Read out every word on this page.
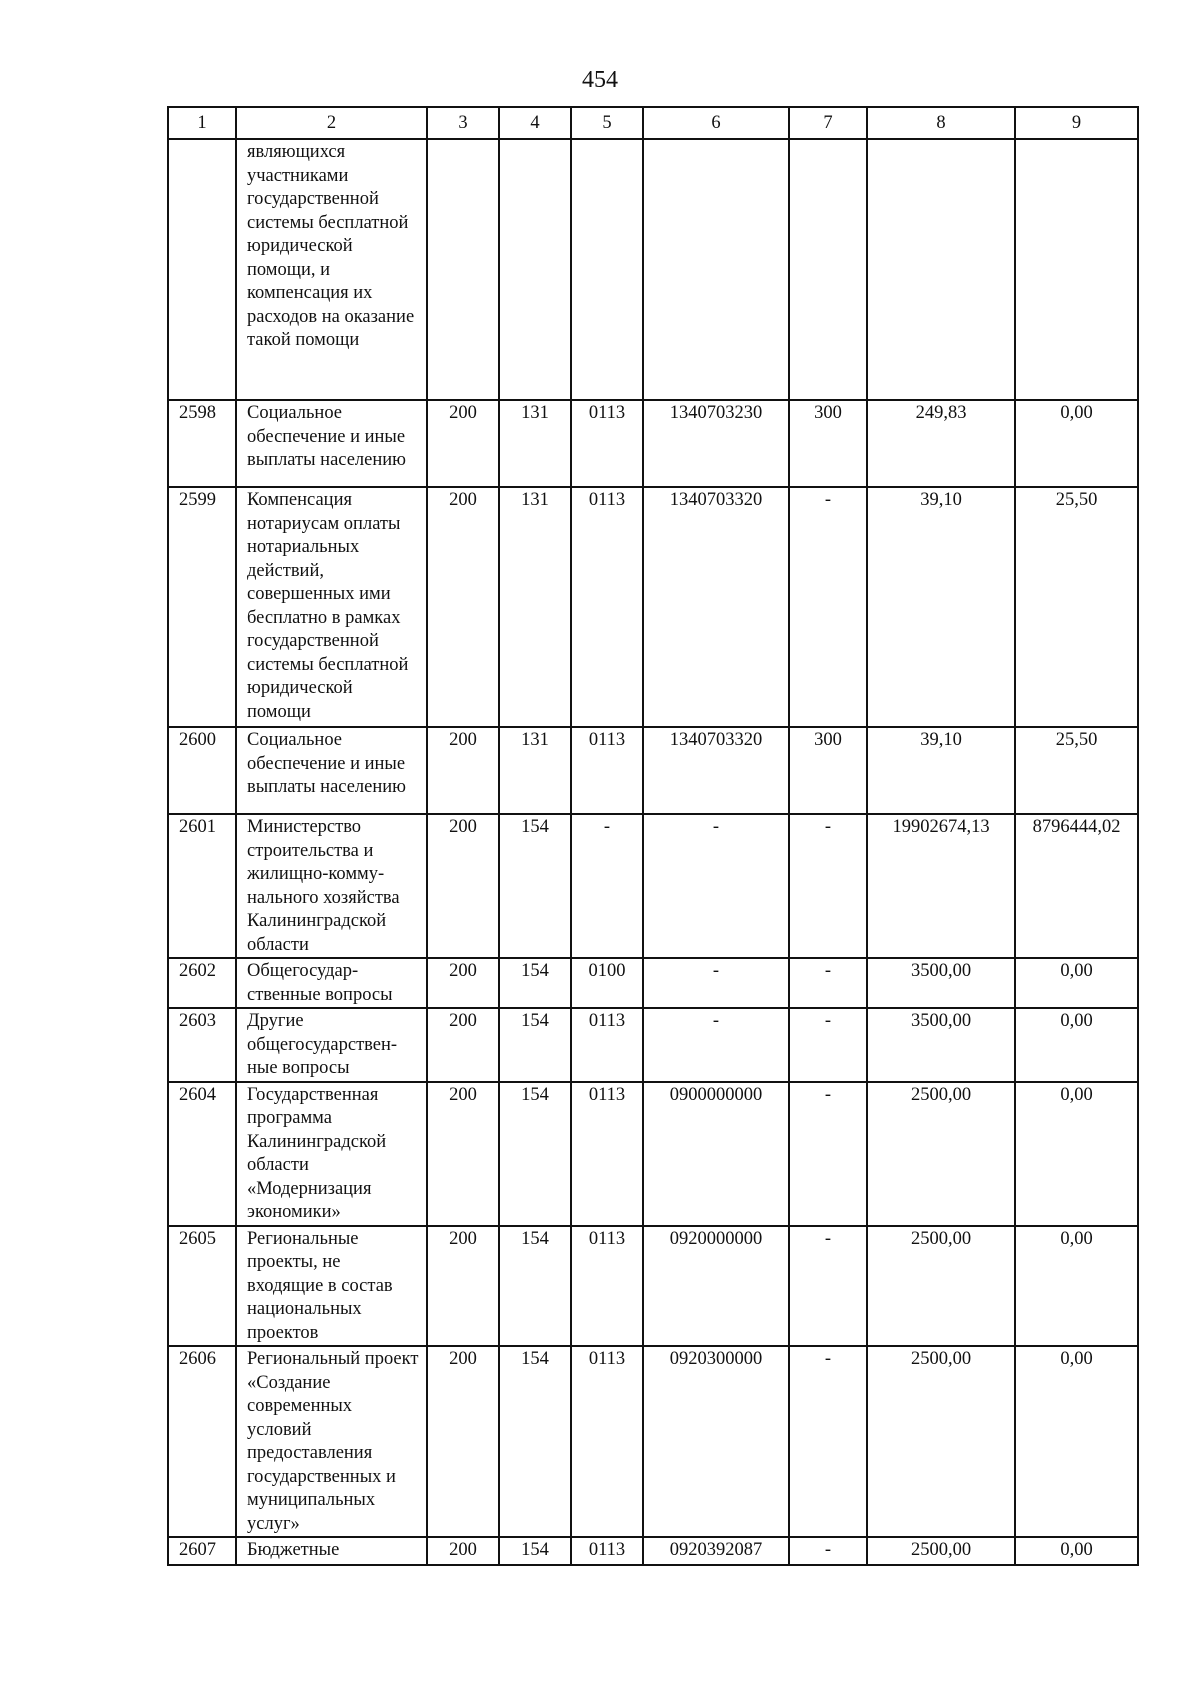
454
1	2	3	4	5	6	7	8	9
	являющихся участниками государственной системы бесплатной юридической помощи, и компенсация их расходов на оказание такой помощи							
2598	Социальное обеспечение и иные выплаты населению	200	131	0113	1340703230	300	249,83	0,00
2599	Компенсация нотариусам оплаты нотариальных действий, совершенных ими бесплатно в рамках государственной системы бесплатной юридической помощи	200	131	0113	1340703320	-	39,10	25,50
2600	Социальное обеспечение и иные выплаты населению	200	131	0113	1340703320	300	39,10	25,50
2601	Министерство строительства и жилищно-комму-нального хозяйства Калининградской области	200	154	-	-	-	19902674,13	8796444,02
2602	Общегосудар-ственные вопросы	200	154	0100	-	-	3500,00	0,00
2603	Другие общегосударствен-ные вопросы	200	154	0113	-	-	3500,00	0,00
2604	Государственная программа Калининградской области «Модернизация экономики»	200	154	0113	0900000000	-	2500,00	0,00
2605	Региональные проекты, не входящие в состав национальных проектов	200	154	0113	0920000000	-	2500,00	0,00
2606	Региональный проект «Создание современных условий предоставления государственных и муниципальных услуг»	200	154	0113	0920300000	-	2500,00	0,00
2607	Бюджетные	200	154	0113	0920392087	-	2500,00	0,00
